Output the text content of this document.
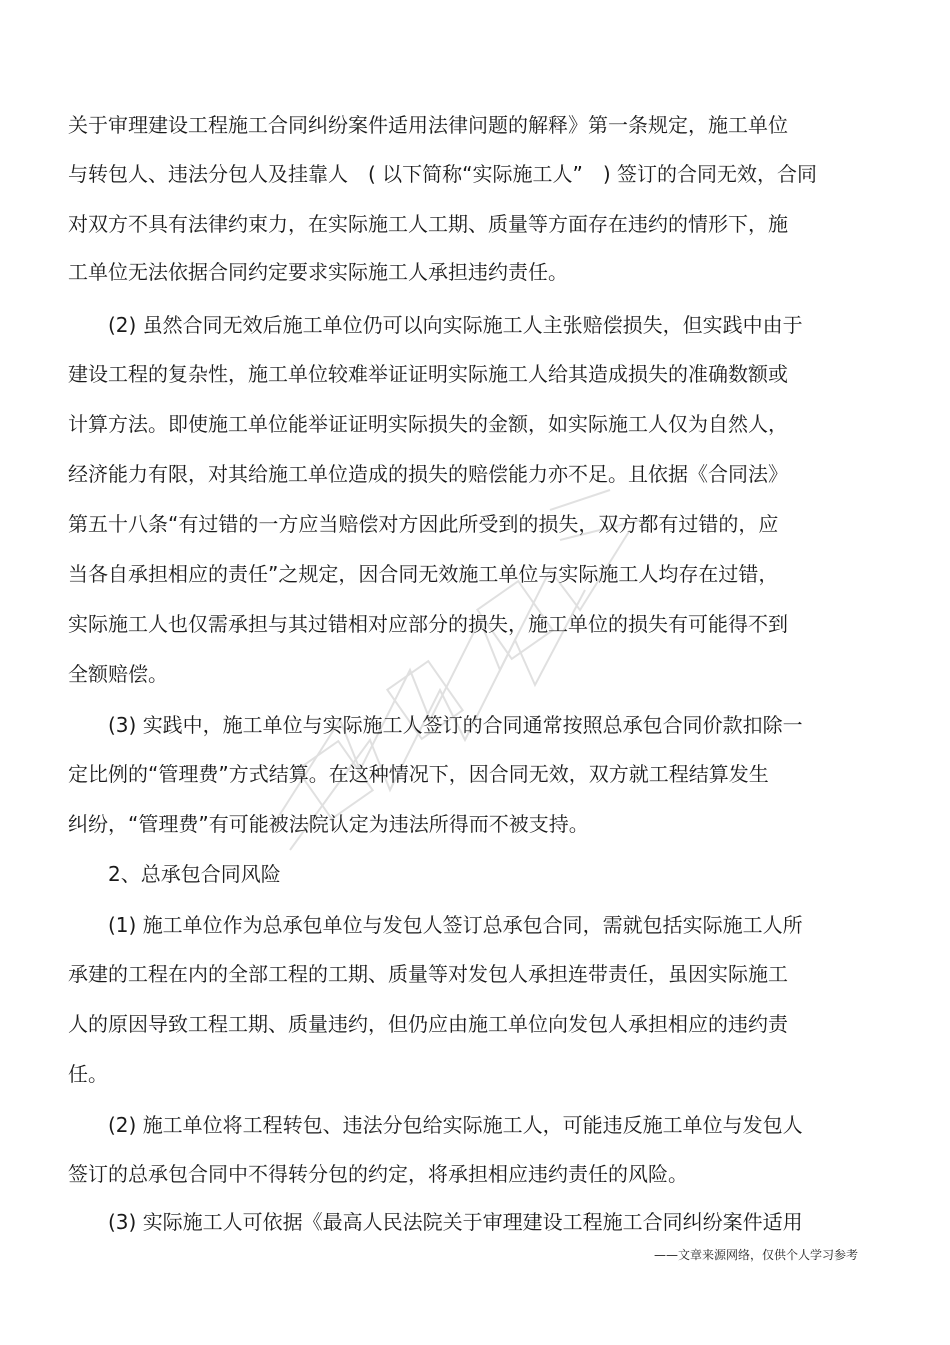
关于审理建设工程施工合同纠纷案件适用法律问题的解释》第一条规定，施工单位

与转包人、违法分包人及挂靠人　( 以下简称“实际施工人”　) 签订的合同无效，合同

对双方不具有法律约束力，在实际施工人工期、质量等方面存在违约的情形下，施

工单位无法依据合同约定要求实际施工人承担违约责任。

(2) 虽然合同无效后施工单位仍可以向实际施工人主张赔偿损失，但实践中由于

建设工程的复杂性，施工单位较难举证证明实际施工人给其造成损失的准确数额或

计算方法。即使施工单位能举证证明实际损失的金额，如实际施工人仅为自然人，

经济能力有限，对其给施工单位造成的损失的赔偿能力亦不足。且依据《合同法》

第五十八条“有过错的一方应当赔偿对方因此所受到的损失，双方都有过错的，应

当各自承担相应的责任”之规定，因合同无效施工单位与实际施工人均存在过错，

实际施工人也仅需承担与其过错相对应部分的损失，施工单位的损失有可能得不到

全额赔偿。

(3) 实践中，施工单位与实际施工人签订的合同通常按照总承包合同价款扣除一

定比例的“管理费”方式结算。在这种情况下，因合同无效，双方就工程结算发生

纠纷，“管理费”有可能被法院认定为违法所得而不被支持。

2、总承包合同风险

(1) 施工单位作为总承包单位与发包人签订总承包合同，需就包括实际施工人所

承建的工程在内的全部工程的工期、质量等对发包人承担连带责任，虽因实际施工

人的原因导致工程工期、质量违约，但仍应由施工单位向发包人承担相应的违约责

任。

(2) 施工单位将工程转包、违法分包给实际施工人，可能违反施工单位与发包人

签订的总承包合同中不得转分包的约定，将承担相应违约责任的风险。

(3) 实际施工人可依据《最高人民法院关于审理建设工程施工合同纠纷案件适用

——文章来源网络，仅供个人学习参考
